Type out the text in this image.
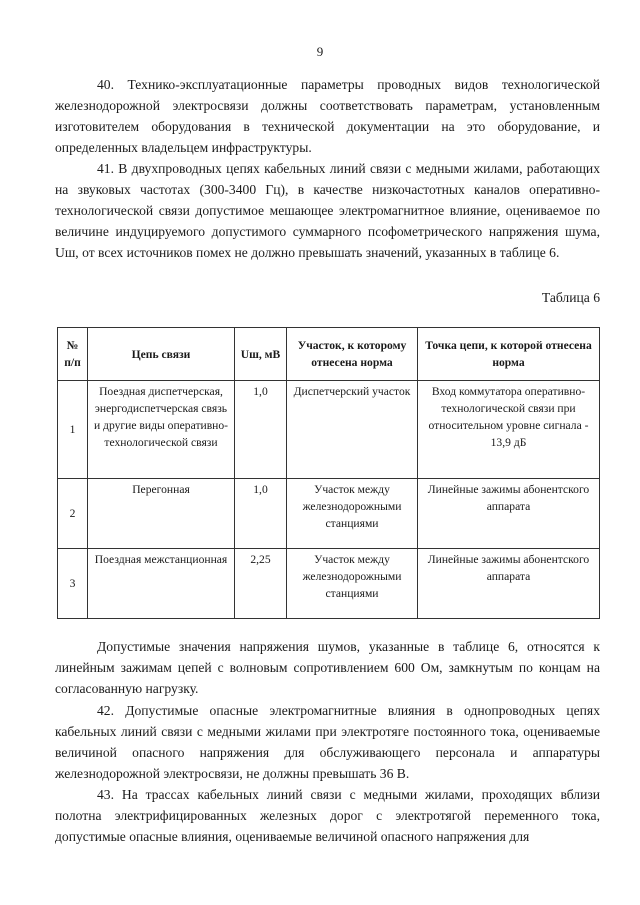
9

40. Технико-эксплуатационные параметры проводных видов технологической железнодорожной электросвязи должны соответствовать параметрам, установленным изготовителем оборудования в технической документации на это оборудование, и определенных владельцем инфраструктуры.

41. В двухпроводных цепях кабельных линий связи с медными жилами, работающих на звуковых частотах (300-3400 Гц), в качестве низкочастотных каналов оперативно-технологической связи допустимое мешающее электромагнитное влияние, оцениваемое по величине индуцируемого допустимого суммарного псофометрического напряжения шума, Uш, от всех источников помех не должно превышать значений, указанных в таблице 6.

Таблица 6
№ п/п	Цепь связи	Uш, мВ	Участок, к которому отнесена норма	Точка цепи, к которой отнесена норма
1	Поездная диспетчерская, энергодиспетчерская связь и другие виды оперативно-технологической связи	1,0	Диспетчерский участок	Вход коммутатора оперативно-технологической связи при относительном уровне сигнала - 13,9 дБ
2	Перегонная	1,0	Участок между железнодорожными станциями	Линейные зажимы абонентского аппарата
3	Поездная межстанционная	2,25	Участок между железнодорожными станциями	Линейные зажимы абонентского аппарата

Допустимые значения напряжения шумов, указанные в таблице 6, относятся к линейным зажимам цепей с волновым сопротивлением 600 Ом, замкнутым по концам на согласованную нагрузку.

42. Допустимые опасные электромагнитные влияния в однопроводных цепях кабельных линий связи с медными жилами при электротяге постоянного тока, оцениваемые величиной опасного напряжения для обслуживающего персонала и аппаратуры железнодорожной электросвязи, не должны превышать 36 В.

43. На трассах кабельных линий связи с медными жилами, проходящих вблизи полотна электрифицированных железных дорог с электротягой переменного тока, допустимые опасные влияния, оцениваемые величиной опасного напряжения для
